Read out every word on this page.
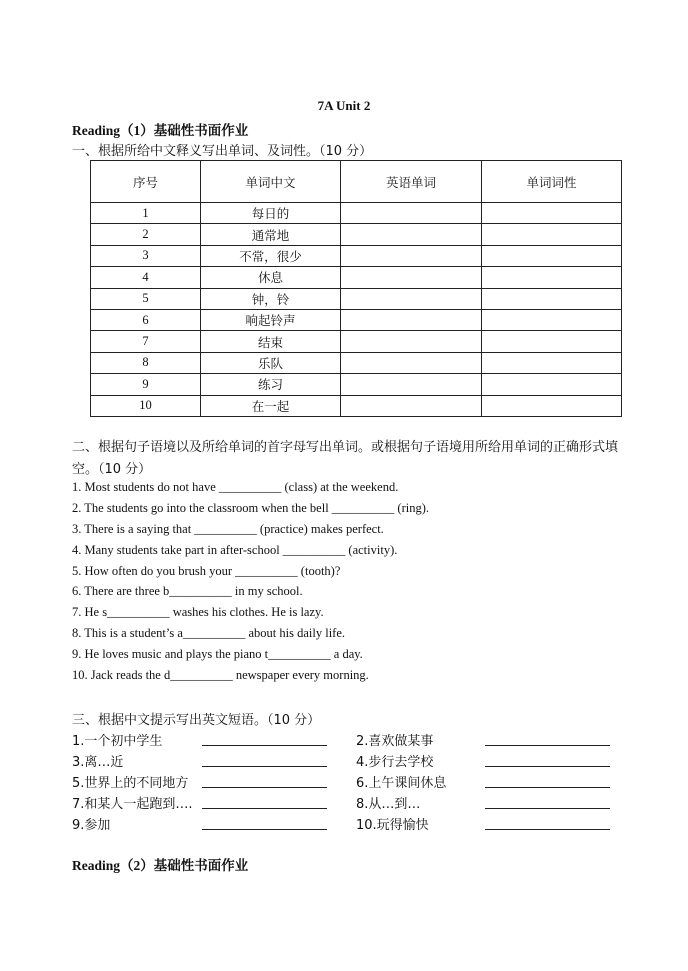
7A Unit 2
Reading（1）基础性书面作业
一、根据所给中文释义写出单词、及词性。（10 分）
序号	单词中文	英语单词	单词词性
1	每日的		
2	通常地		
3	不常，很少		
4	休息		
5	钟，铃		
6	响起铃声		
7	结束		
8	乐队		
9	练习		
10	在一起		
二、根据句子语境以及所给单词的首字母写出单词。或根据句子语境用所给用单词的正确形式填空。（10 分）
1. Most students do not have __________ (class) at the weekend.
2. The students go into the classroom when the bell __________ (ring).
3. There is a saying that __________ (practice) makes perfect.
4. Many students take part in after-school __________ (activity).
5. How often do you brush your __________ (tooth)?
6. There are three b__________ in my school.
7. He s__________ washes his clothes. He is lazy.
8. This is a student’s a__________ about his daily life.
9. He loves music and plays the piano t__________ a day.
10. Jack reads the d__________ newspaper every morning.
三、根据中文提示写出英文短语。（10 分）
1.一个初中学生	2.喜欢做某事
3.离…近	4.步行去学校
5.世界上的不同地方	6.上午课间休息
7.和某人一起跑到….	8.从…到…
9.参加	10.玩得愉快
Reading（2）基础性书面作业
